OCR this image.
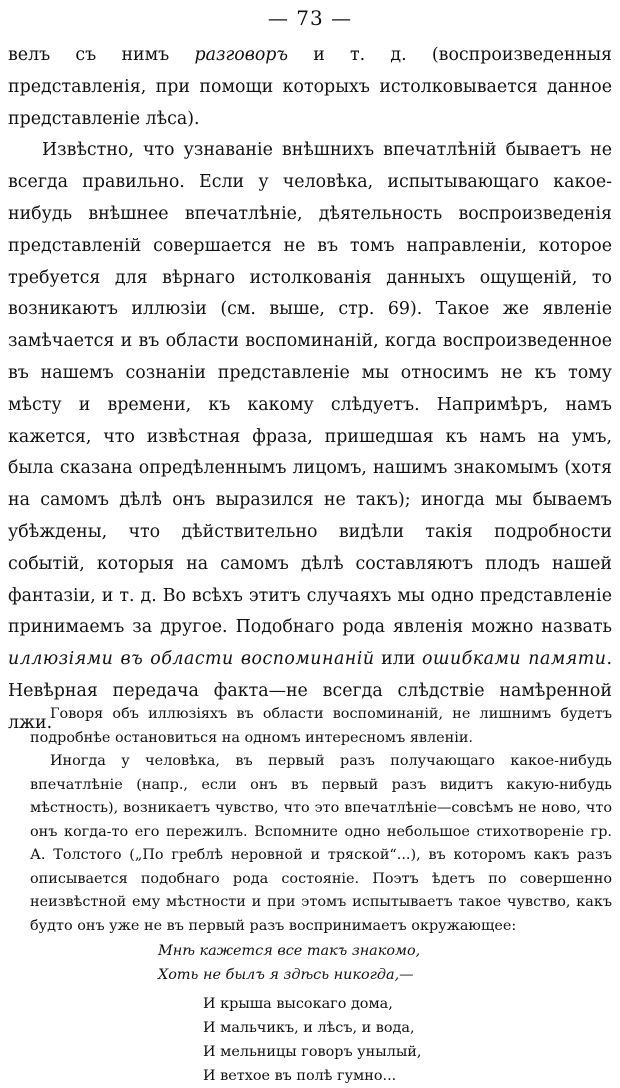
— 73 —

велъ съ нимъ разговоръ и т. д. (воспроизведенныя представленія, при помощи которыхъ истолковывается данное представленіе лѣса).

Извѣстно, что узнаваніе внѣшнихъ впечатлѣній бываетъ не всегда правильно. Если у человѣка, испытывающаго какое-нибудь внѣшнее впечатлѣніе, дѣятельность воспроизведенія представленій совершается не въ томъ направленіи, которое требуется для вѣрнаго истолкованія данныхъ ощущеній, то возникаютъ иллюзіи (см. выше, стр. 69). Такое же явленіе замѣчается и въ области воспоминаній, когда воспроизведенное въ нашемъ сознаніи представленіе мы относимъ не къ тому мѣсту и времени, къ какому слѣдуетъ. Напримѣръ, намъ кажется, что извѣстная фраза, пришедшая къ намъ на умъ, была сказана опредѣленнымъ лицомъ, нашимъ знакомымъ (хотя на самомъ дѣлѣ онъ выразился не такъ); иногда мы бываемъ убѣждены, что дѣйствительно видѣли такія подробности событій, которыя на самомъ дѣлѣ составляютъ плодъ нашей фантазіи, и т. д. Во всѣхъ этитъ случаяхъ мы одно представленіе принимаемъ за другое. Подобнаго рода явленія можно назвать иллюзіями въ области воспоминаній или ошибками памяти. Невѣрная передача факта—не всегда слѣдствіе намѣренной лжи.

Говоря объ иллюзіяхъ въ области воспоминаній, не лишнимъ будетъ подробнѣе остановиться на одномъ интересномъ явленіи.

Иногда у человѣка, въ первый разъ получающаго какое-нибудь впечатлѣніе (напр., если онъ въ первый разъ видитъ какую-нибудь мѣстность), возникаетъ чувство, что это впечатлѣніе—совсѣмъ не ново, что онъ когда-то его пережилъ. Вспомните одно небольшое стихотвореніе гр. А. Толстого („По греблѣ неровной и тряской“...), въ которомъ какъ разъ описывается подобнаго рода состояніе. Поэтъ ѣдетъ по совершенно неизвѣстной ему мѣстности и при этомъ испытываетъ такое чувство, какъ будто онъ уже не въ первый разъ воспринимаетъ окружающее:

Мнѣ кажется все такъ знакомо,
Хоть не былъ я здѣсь никогда,—
И крыша высокаго дома,
И мальчикъ, и лѣсъ, и вода,
И мельницы говоръ унылый,
И ветхое въ полѣ гумно...
